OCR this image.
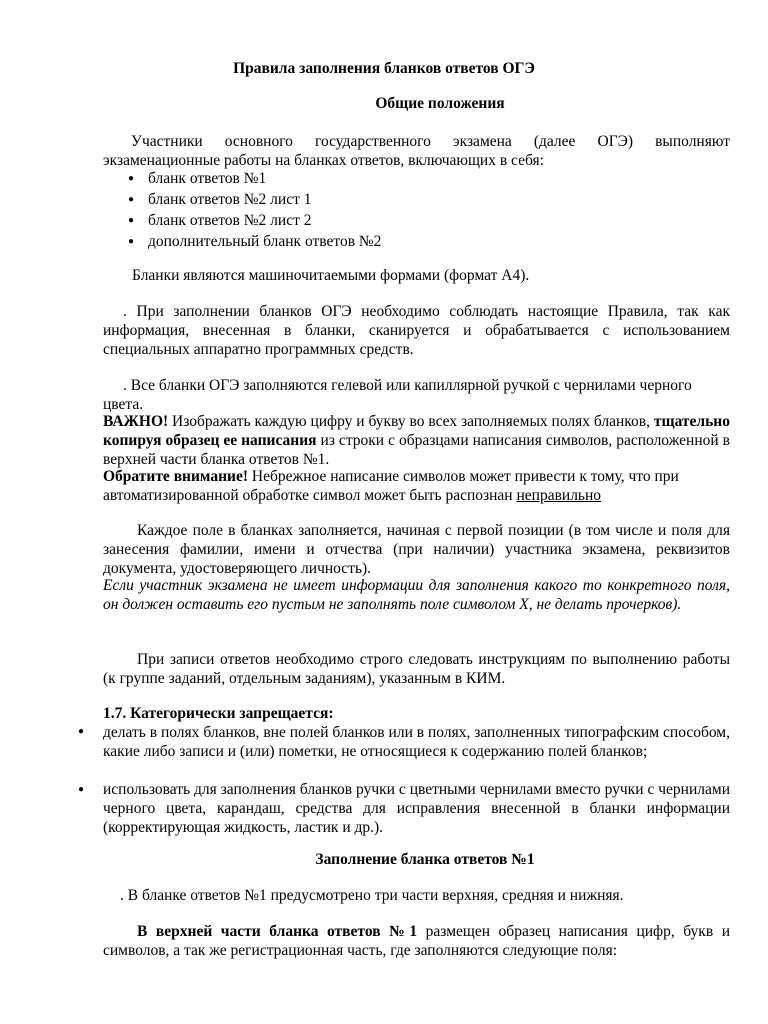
Правила заполнения бланков ответов ОГЭ
Общие положения
Участники основного государственного экзамена (далее ОГЭ) выполняют экзаменационные работы на бланках ответов, включающих в себя:
● бланк ответов №1
● бланк ответов №2 лист 1
● бланк ответов №2 лист 2
● дополнительный бланк ответов №2
Бланки являются машиночитаемыми формами (формат А4).
. При заполнении бланков ОГЭ необходимо соблюдать настоящие Правила, так как информация, внесенная в бланки, сканируется и обрабатывается с использованием специальных аппаратно программных средств.
. Все бланки ОГЭ заполняются гелевой или капиллярной ручкой с чернилами черного цвета.
ВАЖНО! Изображать каждую цифру и букву во всех заполняемых полях бланков, тщательно копируя образец ее написания из строки с образцами написания символов, расположенной в верхней части бланка ответов №1.
Обратите внимание! Небрежное написание символов может привести к тому, что при автоматизированной обработке символ может быть распознан неправильно
Каждое поле в бланках заполняется, начиная с первой позиции (в том числе и поля для занесения фамилии, имени и отчества (при наличии) участника экзамена, реквизитов документа, удостоверяющего личность).
Если участник экзамена не имеет информации для заполнения какого то конкретного поля, он должен оставить его пустым не заполнять поле символом Х, не делать прочерков).
При записи ответов необходимо строго следовать инструкциям по выполнению работы (к группе заданий, отдельным заданиям), указанным в КИМ.
1.7. Категорически запрещается:
● делать в полях бланков, вне полей бланков или в полях, заполненных типографским способом, какие либо записи и (или) пометки, не относящиеся к содержанию полей бланков;
● использовать для заполнения бланков ручки с цветными чернилами вместо ручки с чернилами черного цвета, карандаш, средства для исправления внесенной в бланки информации (корректирующая жидкость, ластик и др.).
Заполнение бланка ответов №1
. В бланке ответов №1 предусмотрено три части верхняя, средняя и нижняя.
В верхней части бланка ответов №1 размещен образец написания цифр, букв и символов, а так же регистрационная часть, где заполняются следующие поля:
